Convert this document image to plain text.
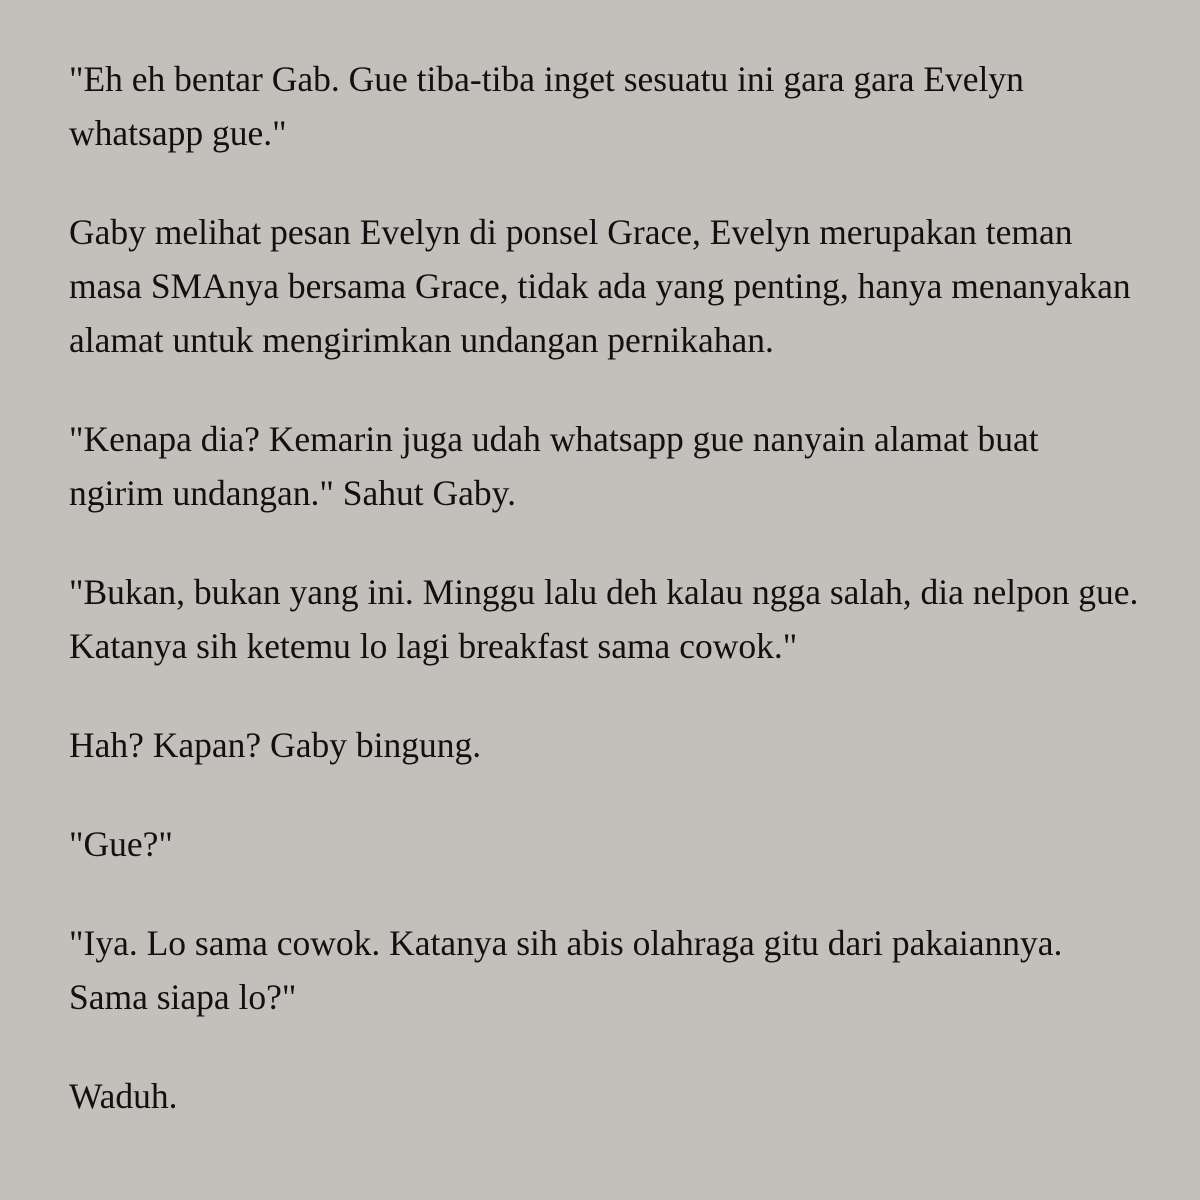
"Eh eh bentar Gab. Gue tiba-tiba inget sesuatu ini gara gara Evelyn whatsapp gue."

Gaby melihat pesan Evelyn di ponsel Grace, Evelyn merupakan teman masa SMAnya bersama Grace, tidak ada yang penting, hanya menanyakan alamat untuk mengirimkan undangan pernikahan.

"Kenapa dia? Kemarin juga udah whatsapp gue nanyain alamat buat ngirim undangan." Sahut Gaby.

"Bukan, bukan yang ini. Minggu lalu deh kalau ngga salah, dia nelpon gue. Katanya sih ketemu lo lagi breakfast sama cowok."

Hah? Kapan? Gaby bingung.

"Gue?"

"Iya. Lo sama cowok. Katanya sih abis olahraga gitu dari pakaiannya. Sama siapa lo?"

Waduh.
